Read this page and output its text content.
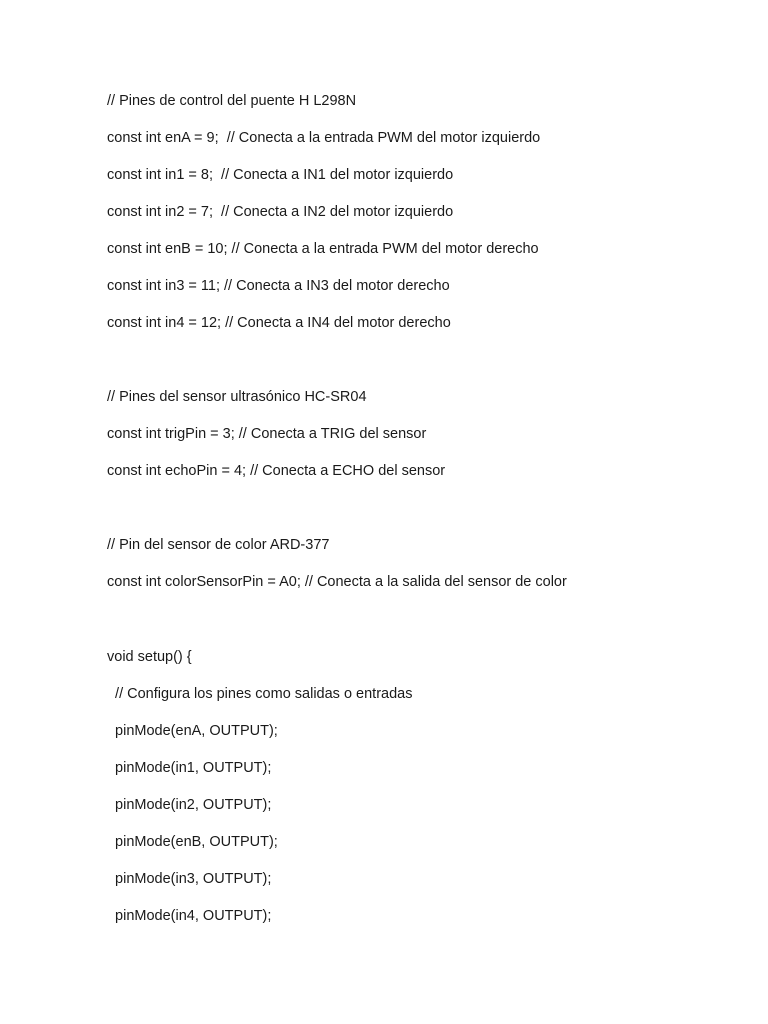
// Pines de control del puente H L298N

const int enA = 9;  // Conecta a la entrada PWM del motor izquierdo

const int in1 = 8;  // Conecta a IN1 del motor izquierdo

const int in2 = 7;  // Conecta a IN2 del motor izquierdo

const int enB = 10; // Conecta a la entrada PWM del motor derecho

const int in3 = 11; // Conecta a IN3 del motor derecho

const int in4 = 12; // Conecta a IN4 del motor derecho

// Pines del sensor ultrasónico HC-SR04

const int trigPin = 3; // Conecta a TRIG del sensor

const int echoPin = 4; // Conecta a ECHO del sensor

// Pin del sensor de color ARD-377

const int colorSensorPin = A0; // Conecta a la salida del sensor de color

void setup() {

// Configura los pines como salidas o entradas

pinMode(enA, OUTPUT);

pinMode(in1, OUTPUT);

pinMode(in2, OUTPUT);

pinMode(enB, OUTPUT);

pinMode(in3, OUTPUT);

pinMode(in4, OUTPUT);
